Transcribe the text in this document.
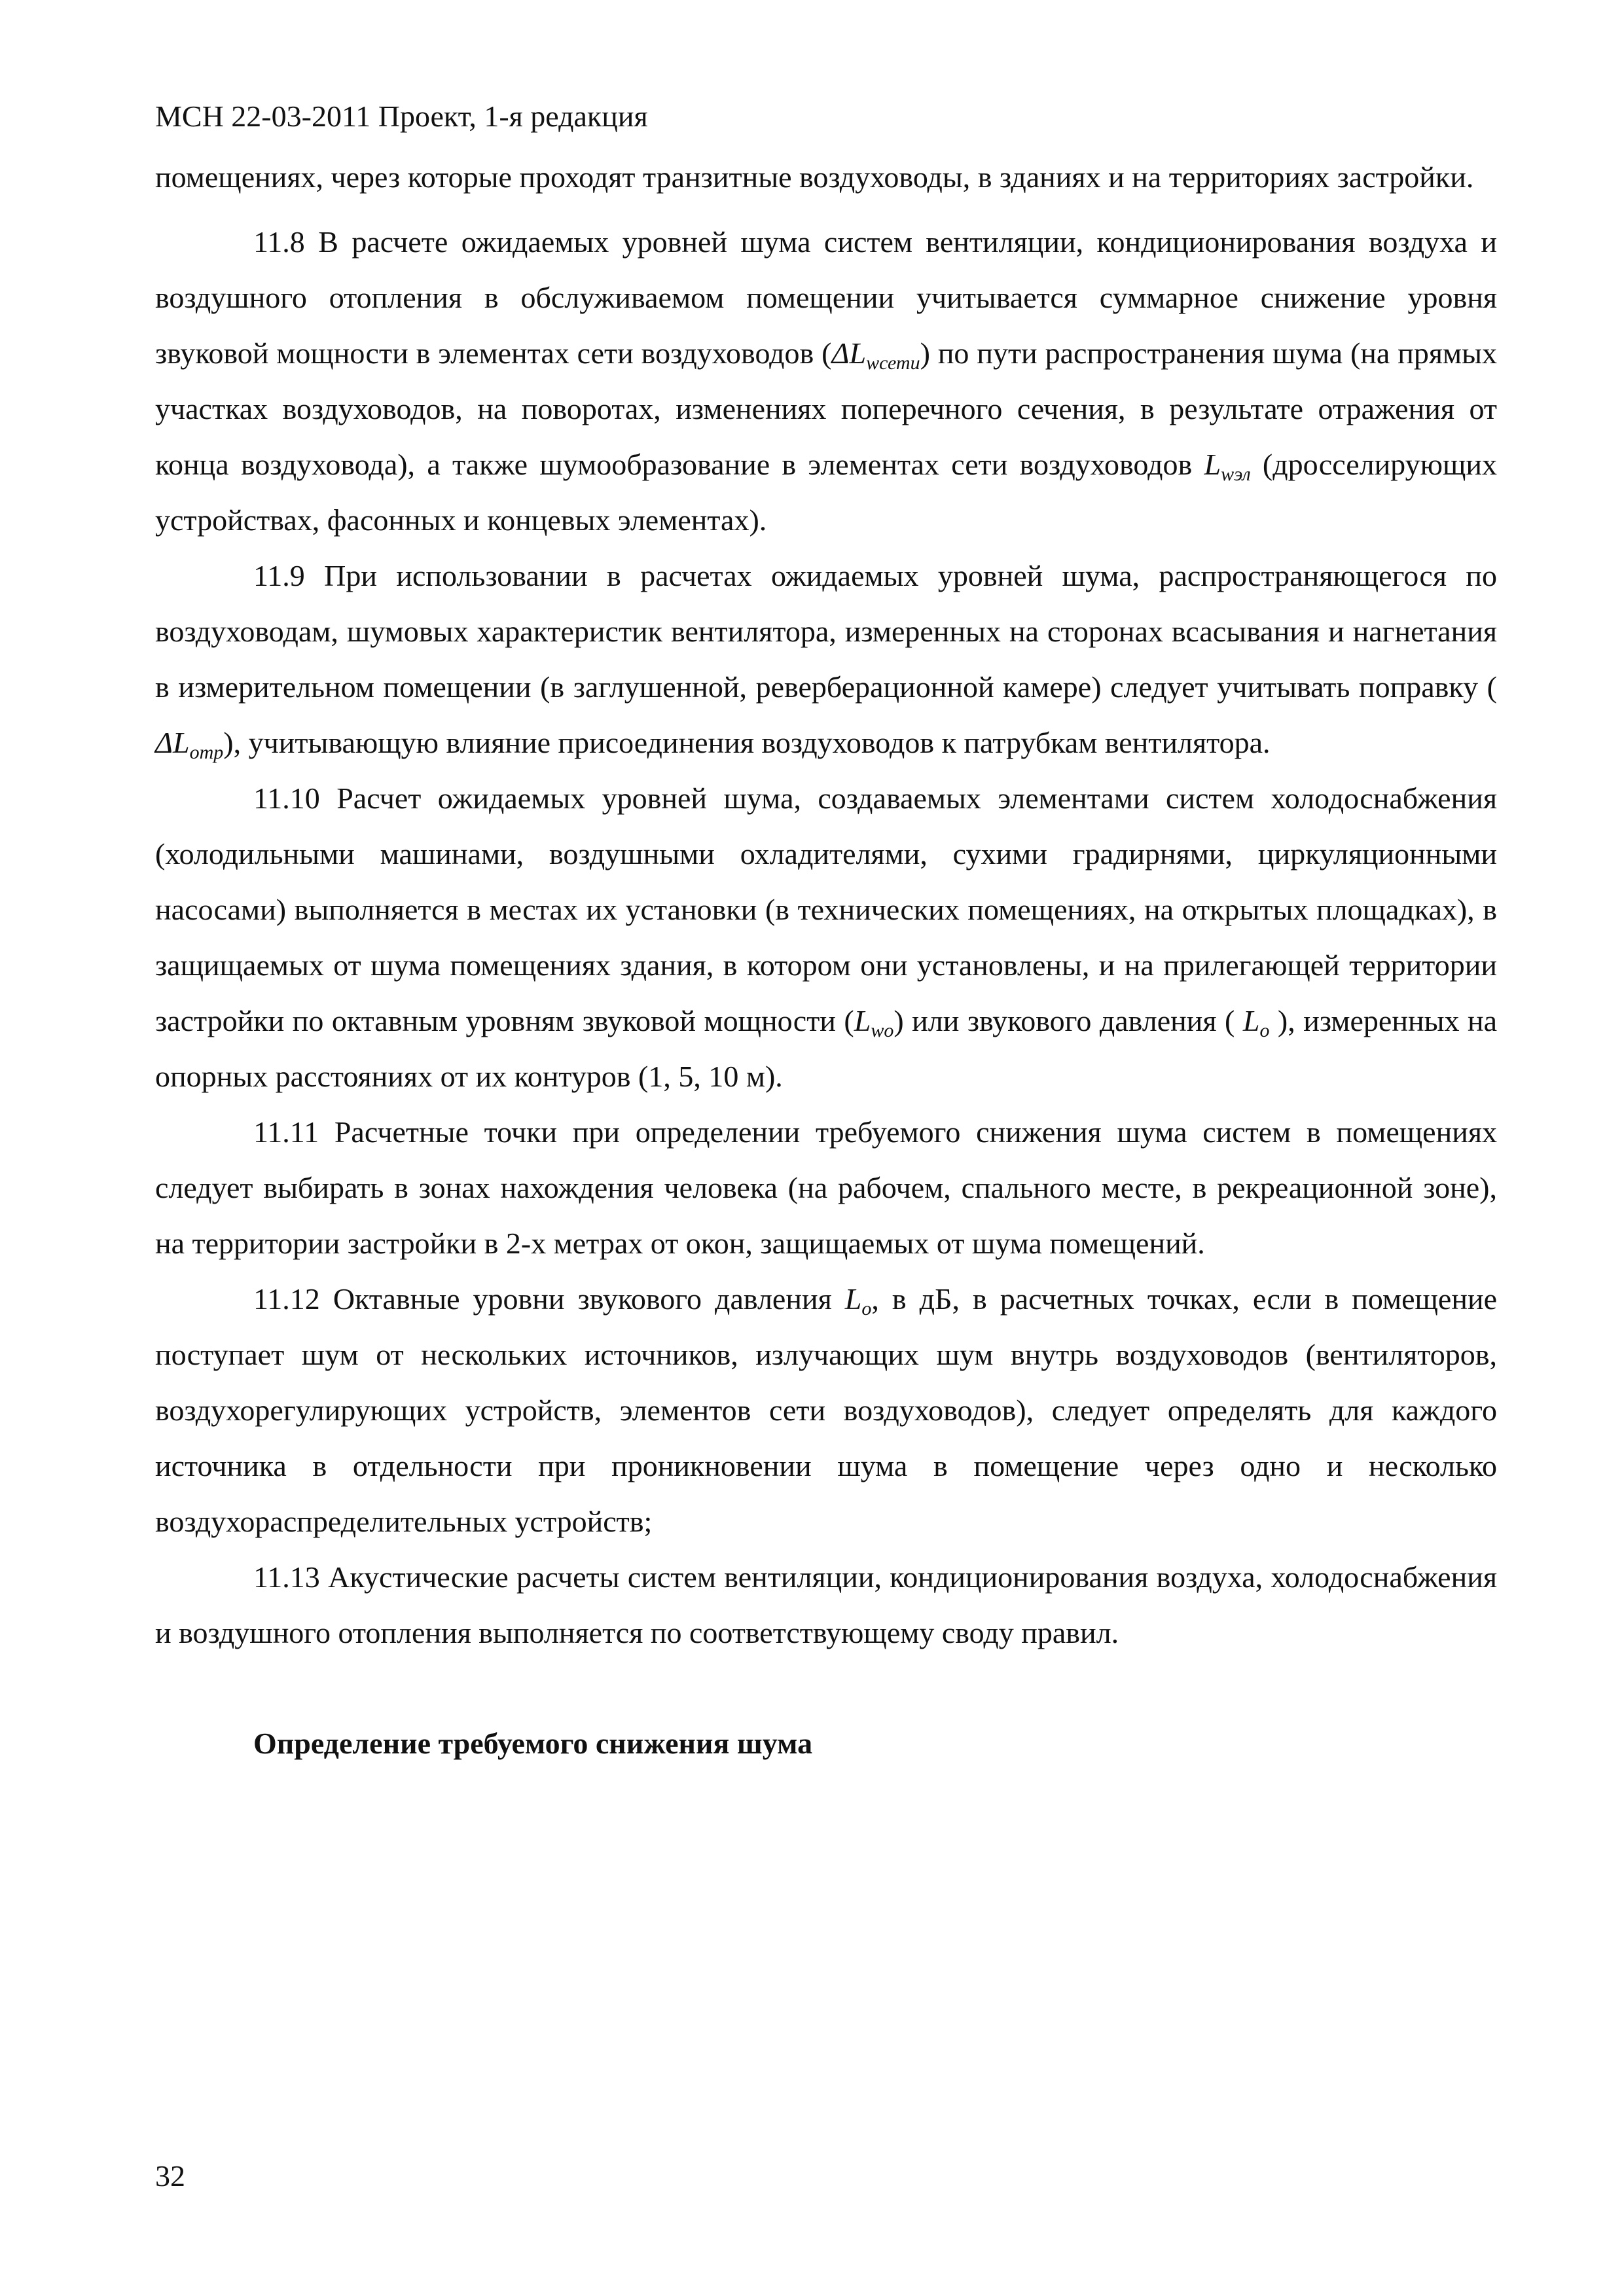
МСН 22-03-2011 Проект, 1-я редакция

помещениях, через которые проходят транзитные воздуховоды, в зданиях и на территориях застройки.

11.8 В расчете ожидаемых уровней шума систем вентиляции, кондиционирования воздуха и воздушного отопления в обслуживаемом помещении учитывается суммарное снижение уровня звуковой мощности в элементах сети воздуховодов $(\Delta L_{wсети})$ по пути распространения шума (на прямых участках воздуховодов, на поворотах, изменениях поперечного сечения, в результате отражения от конца воздуховода), а также шумообразование в элементах сети воздуховодов $L_{wэл}$ (дросселирующих устройствах, фасонных и концевых элементах).

11.9 При использовании в расчетах ожидаемых уровней шума, распространяющегося по воздуховодам, шумовых характеристик вентилятора, измеренных на сторонах всасывания и нагнетания в измерительном помещении (в заглушенной, реверберационной камере) следует учитывать поправку ( $\Delta L_{отр}$), учитывающую влияние присоединения воздуховодов к патрубкам вентилятора.

11.10 Расчет ожидаемых уровней шума, создаваемых элементами систем холодоснабжения (холодильными машинами, воздушными охладителями, сухими градирнями, циркуляционными насосами) выполняется в местах их установки (в технических помещениях, на открытых площадках), в защищаемых от шума помещениях здания, в котором они установлены, и на прилегающей территории застройки по октавным уровням звуковой мощности $(L_{wo})$ или звукового давления ( $L_o$ ), измеренных на опорных расстояниях от их контуров (1, 5, 10 м).

11.11 Расчетные точки при определении требуемого снижения шума систем в помещениях следует выбирать в зонах нахождения человека (на рабочем, спального месте, в рекреационной зоне), на территории застройки в 2-х метрах от окон, защищаемых от шума помещений.

11.12 Октавные уровни звукового давления $L_o$, в дБ, в расчетных точках, если в помещение поступает шум от нескольких источников, излучающих шум внутрь воздуховодов (вентиляторов, воздухорегулирующих устройств, элементов сети воздуховодов), следует определять для каждого источника в отдельности при проникновении шума в помещение через одно и несколько воздухораспределительных устройств;

11.13 Акустические расчеты систем вентиляции, кондиционирования воздуха, холодоснабжения и воздушного отопления выполняется по соответствующему своду правил.

Определение требуемого снижения шума

32
